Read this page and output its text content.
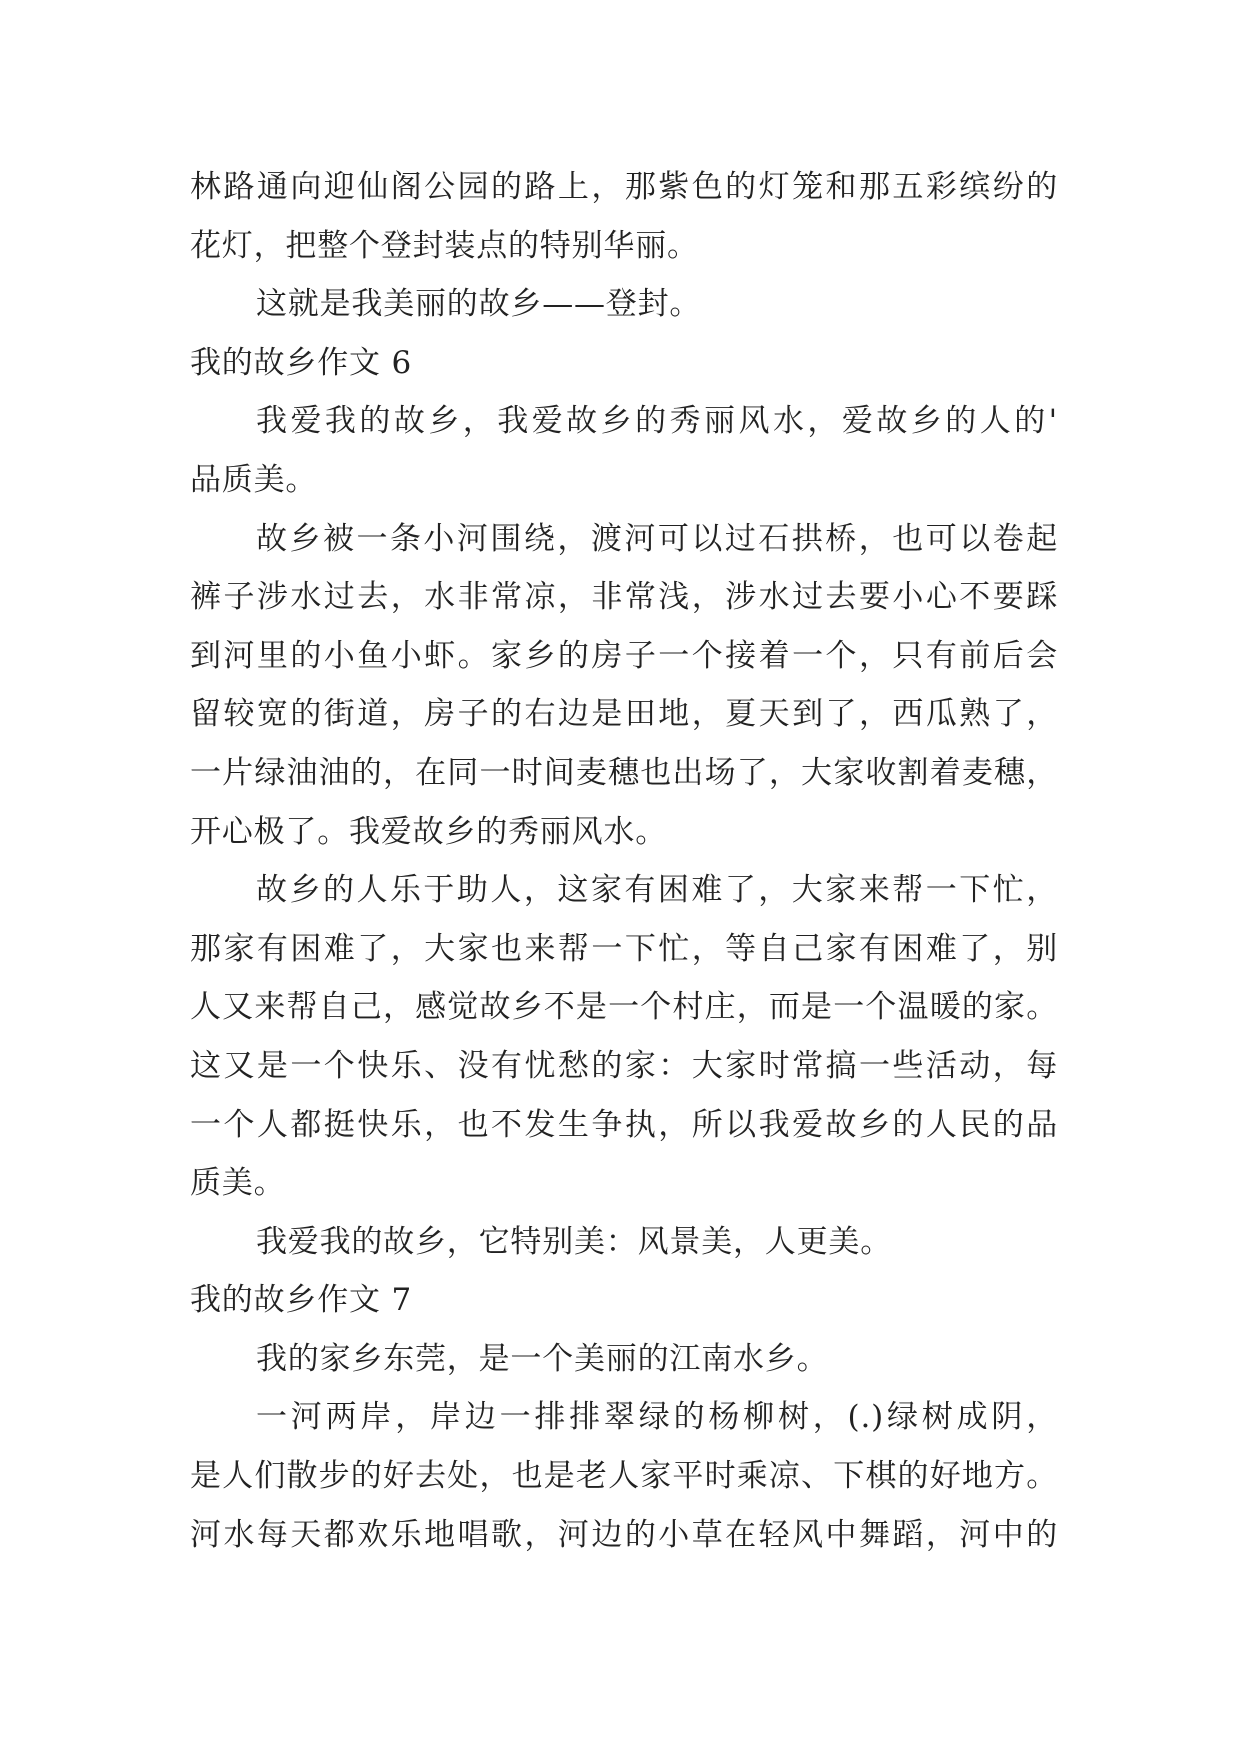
林路通向迎仙阁公园的路上，那紫色的灯笼和那五彩缤纷的
花灯，把整个登封装点的特别华丽。
这就是我美丽的故乡——登封。
我的故乡作文 6
我爱我的故乡，我爱故乡的秀丽风水，爱故乡的人的'
品质美。
故乡被一条小河围绕，渡河可以过石拱桥，也可以卷起
裤子涉水过去，水非常凉，非常浅，涉水过去要小心不要踩
到河里的小鱼小虾。家乡的房子一个接着一个，只有前后会
留较宽的街道，房子的右边是田地，夏天到了，西瓜熟了，
一片绿油油的，在同一时间麦穗也出场了，大家收割着麦穗，
开心极了。我爱故乡的秀丽风水。
故乡的人乐于助人，这家有困难了，大家来帮一下忙，
那家有困难了，大家也来帮一下忙，等自己家有困难了，别
人又来帮自己，感觉故乡不是一个村庄，而是一个温暖的家。
这又是一个快乐、没有忧愁的家：大家时常搞一些活动，每
一个人都挺快乐，也不发生争执，所以我爱故乡的人民的品
质美。
我爱我的故乡，它特别美：风景美，人更美。
我的故乡作文 7
我的家乡东莞，是一个美丽的江南水乡。
一河两岸，岸边一排排翠绿的杨柳树，(.)绿树成阴，
是人们散步的好去处，也是老人家平时乘凉、下棋的好地方。
河水每天都欢乐地唱歌，河边的小草在轻风中舞蹈，河中的
